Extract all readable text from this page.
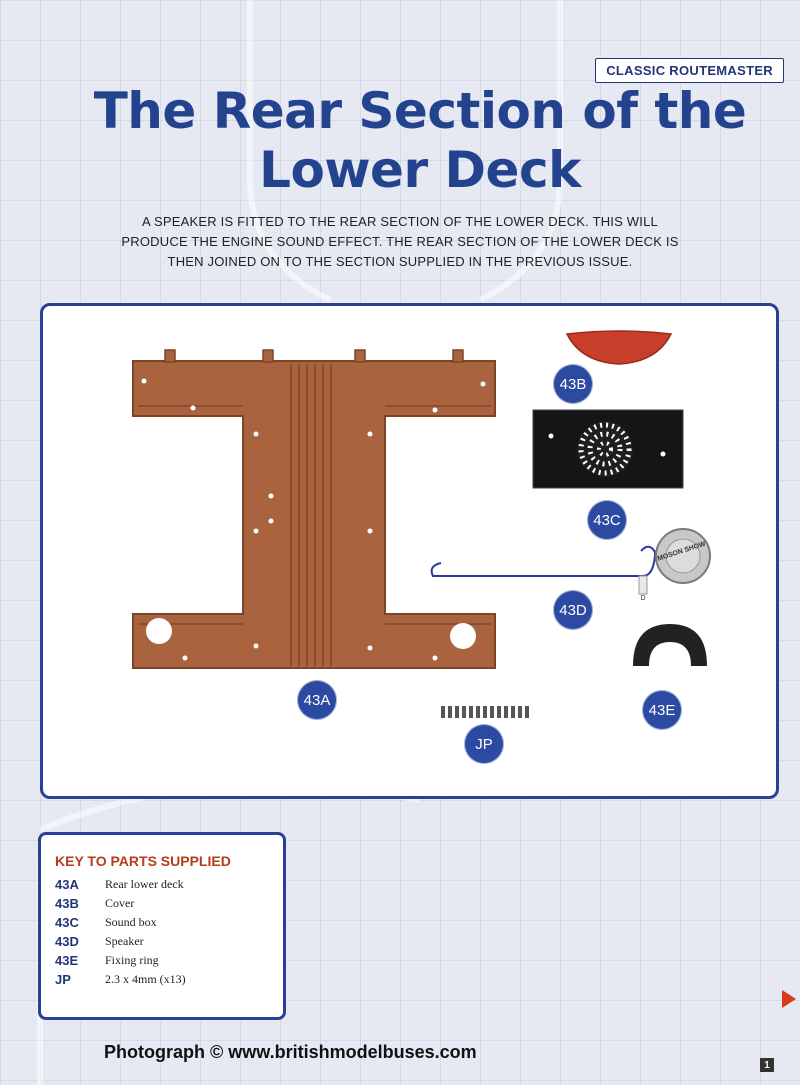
CLASSIC ROUTEMASTER
The Rear Section of the
Lower Deck

A SPEAKER IS FITTED TO THE REAR SECTION OF THE LOWER DECK. THIS WILL PRODUCE THE ENGINE SOUND EFFECT. THE REAR SECTION OF THE LOWER DECK IS THEN JOINED ON TO THE SECTION SUPPLIED IN THE PREVIOUS ISSUE.

MOSON SHOW
D
43A
43B
43C
43D
43E
JP
KEY TO PARTS SUPPLIED
43A	Rear lower deck
43B	Cover
43C	Sound box
43D	Speaker
43E	Fixing ring
JP	2.3 x 4mm (x13)
Photograph © www.britishmodelbuses.com
1
